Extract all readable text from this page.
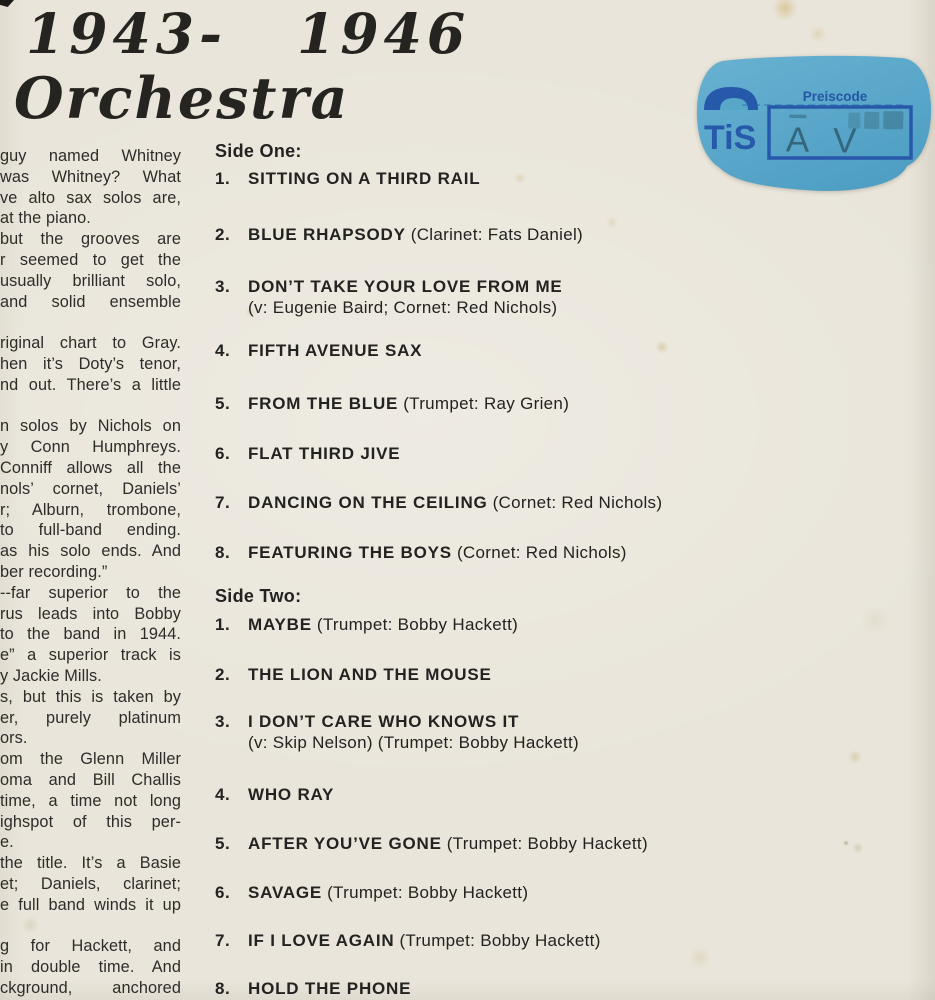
1943- 1946
Orchestra
guy named Whitney
was Whitney? What
ve alto sax solos are,
at the piano.
but the grooves are
r seemed to get the
usually brilliant solo,
and solid ensemble

riginal chart to Gray.
hen it’s Doty’s tenor,
nd out. There’s a little

n solos by Nichols on
y Conn Humphreys.
Conniff allows all the
nols’ cornet, Daniels’
r; Alburn, trombone,
to full-band ending.
as his solo ends. And
ber recording.”
--far superior to the
rus leads into Bobby
to the band in 1944.
e” a superior track is
y Jackie Mills.
s, but this is taken by
er, purely platinum
ors.
om the Glenn Miller
oma and Bill Challis
time, a time not long
ighspot of this per-
e.
the title. It’s a Basie
et; Daniels, clarinet;
e full band winds it up

g for Hackett, and
in double time. And
ckground, anchored
Side One:
Side Two:
1. SITTING ON A THIRD RAIL
2. BLUE RHAPSODY (Clarinet: Fats Daniel)
3. DON’T TAKE YOUR LOVE FROM ME
(v: Eugenie Baird; Cornet: Red Nichols)
4. FIFTH AVENUE SAX
5. FROM THE BLUE (Trumpet: Ray Grien)
6. FLAT THIRD JIVE
7. DANCING ON THE CEILING (Cornet: Red Nichols)
8. FEATURING THE BOYS (Cornet: Red Nichols)
1. MAYBE (Trumpet: Bobby Hackett)
2. THE LION AND THE MOUSE
3. I DON’T CARE WHO KNOWS IT
(v: Skip Nelson) (Trumpet: Bobby Hackett)
4. WHO RAY
5. AFTER YOU’VE GONE (Trumpet: Bobby Hackett)
6. SAVAGE (Trumpet: Bobby Hackett)
7. IF I LOVE AGAIN (Trumpet: Bobby Hackett)
8. HOLD THE PHONE
TiS
Preiscode
A V
